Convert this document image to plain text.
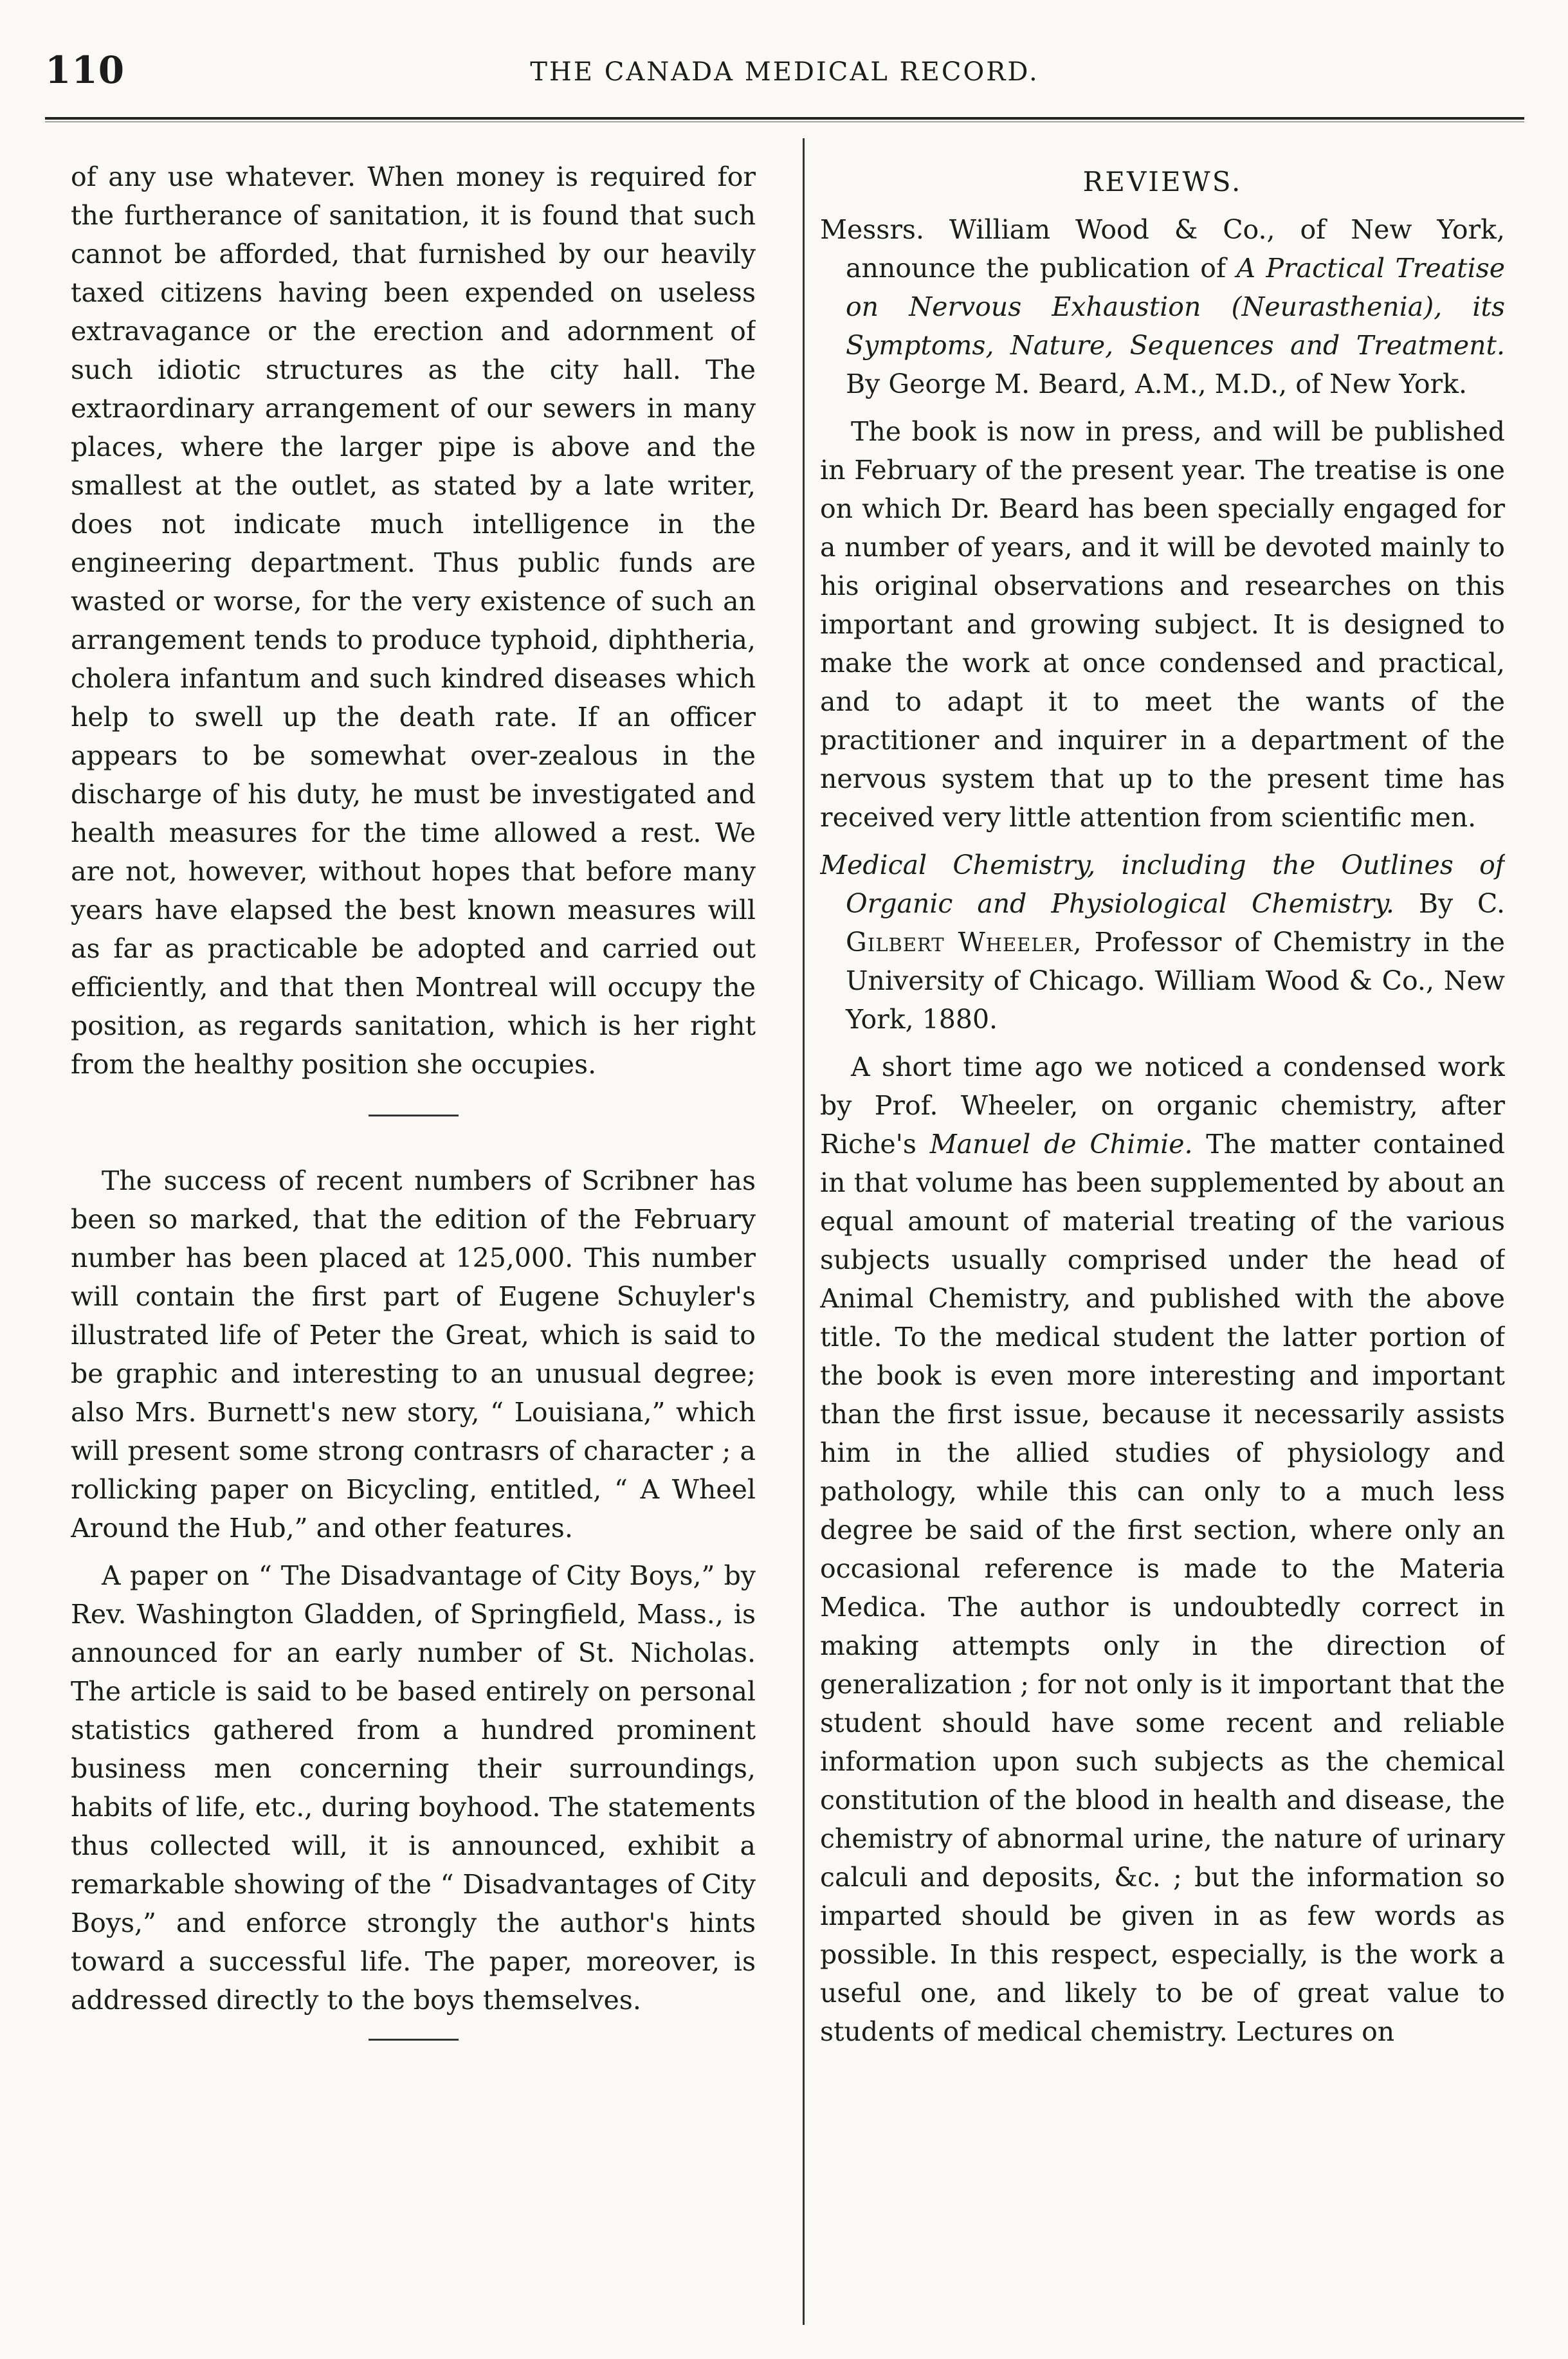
110	THE CANADA MEDICAL RECORD.

of any use whatever. When money is required for the furtherance of sanitation, it is found that such cannot be afforded, that furnished by our heavily taxed citizens having been expended on useless extravagance or the erection and adornment of such idiotic structures as the city hall. The extraordinary arrangement of our sewers in many places, where the larger pipe is above and the smallest at the outlet, as stated by a late writer, does not indicate much intelligence in the engineering department. Thus public funds are wasted or worse, for the very existence of such an arrangement tends to produce typhoid, diphtheria, cholera infantum and such kindred diseases which help to swell up the death rate. If an officer appears to be somewhat over-zealous in the discharge of his duty, he must be investigated and health measures for the time allowed a rest. We are not, however, without hopes that before many years have elapsed the best known measures will as far as practicable be adopted and carried out efficiently, and that then Montreal will occupy the position, as regards sanitation, which is her right from the healthy position she occupies.

The success of recent numbers of Scribner has been so marked, that the edition of the February number has been placed at 125,000. This number will contain the first part of Eugene Schuyler's illustrated life of Peter the Great, which is said to be graphic and interesting to an unusual degree; also Mrs. Burnett's new story, “ Louisiana,” which will present some strong contrasrs of character ; a rollicking paper on Bicycling, entitled, “ A Wheel Around the Hub,” and other features.

A paper on “ The Disadvantage of City Boys,” by Rev. Washington Gladden, of Springfield, Mass., is announced for an early number of St. Nicholas. The article is said to be based entirely on personal statistics gathered from a hundred prominent business men concerning their surroundings, habits of life, etc., during boyhood. The statements thus collected will, it is announced, exhibit a remarkable showing of the “ Disadvantages of City Boys,” and enforce strongly the author's hints toward a successful life. The paper, moreover, is addressed directly to the boys themselves.

REVIEWS.

Messrs. William Wood & Co., of New York, announce the publication of A Practical Treatise on Nervous Exhaustion (Neurasthenia), its Symptoms, Nature, Sequences and Treatment. By George M. Beard, A.M., M.D., of New York.

The book is now in press, and will be published in February of the present year. The treatise is one on which Dr. Beard has been specially engaged for a number of years, and it will be devoted mainly to his original observations and researches on this important and growing subject. It is designed to make the work at once condensed and practical, and to adapt it to meet the wants of the practitioner and inquirer in a department of the nervous system that up to the present time has received very little attention from scientific men.

Medical Chemistry, including the Outlines of Organic and Physiological Chemistry. By C. Gilbert Wheeler, Professor of Chemistry in the University of Chicago. William Wood & Co., New York, 1880.

A short time ago we noticed a condensed work by Prof. Wheeler, on organic chemistry, after Riche's Manuel de Chimie. The matter contained in that volume has been supplemented by about an equal amount of material treating of the various subjects usually comprised under the head of Animal Chemistry, and published with the above title. To the medical student the latter portion of the book is even more interesting and important than the first issue, because it necessarily assists him in the allied studies of physiology and pathology, while this can only to a much less degree be said of the first section, where only an occasional reference is made to the Materia Medica. The author is undoubtedly correct in making attempts only in the direction of generalization ; for not only is it important that the student should have some recent and reliable information upon such subjects as the chemical constitution of the blood in health and disease, the chemistry of abnormal urine, the nature of urinary calculi and deposits, &c. ; but the information so imparted should be given in as few words as possible. In this respect, especially, is the work a useful one, and likely to be of great value to students of medical chemistry. Lectures on
